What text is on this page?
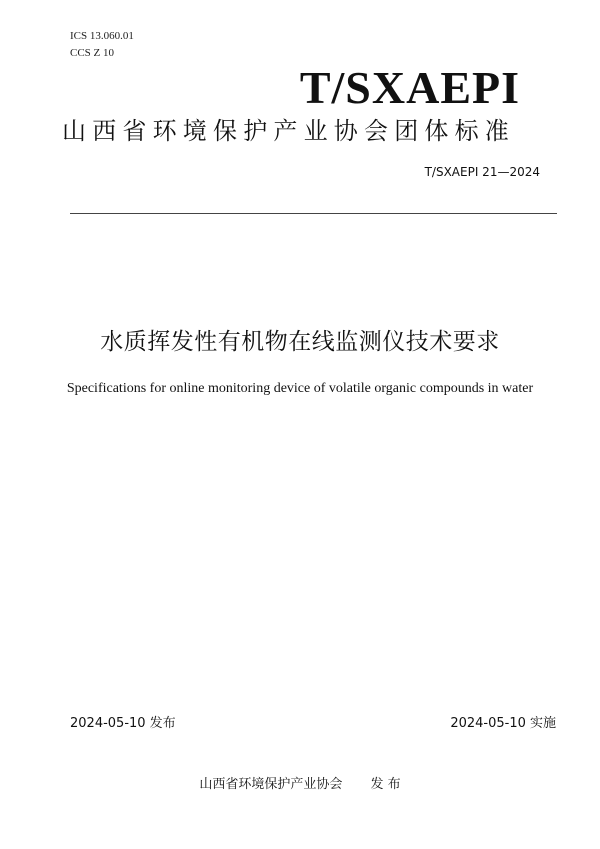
ICS 13.060.01
CCS Z 10
T/SXAEPI
山西省环境保护产业协会团体标准
T/SXAEPI 21—2024
水质挥发性有机物在线监测仪技术要求
Specifications for online monitoring device of volatile organic compounds in water
2024-05-10 发布	2024-05-10 实施
山西省环境保护产业协会 发 布
